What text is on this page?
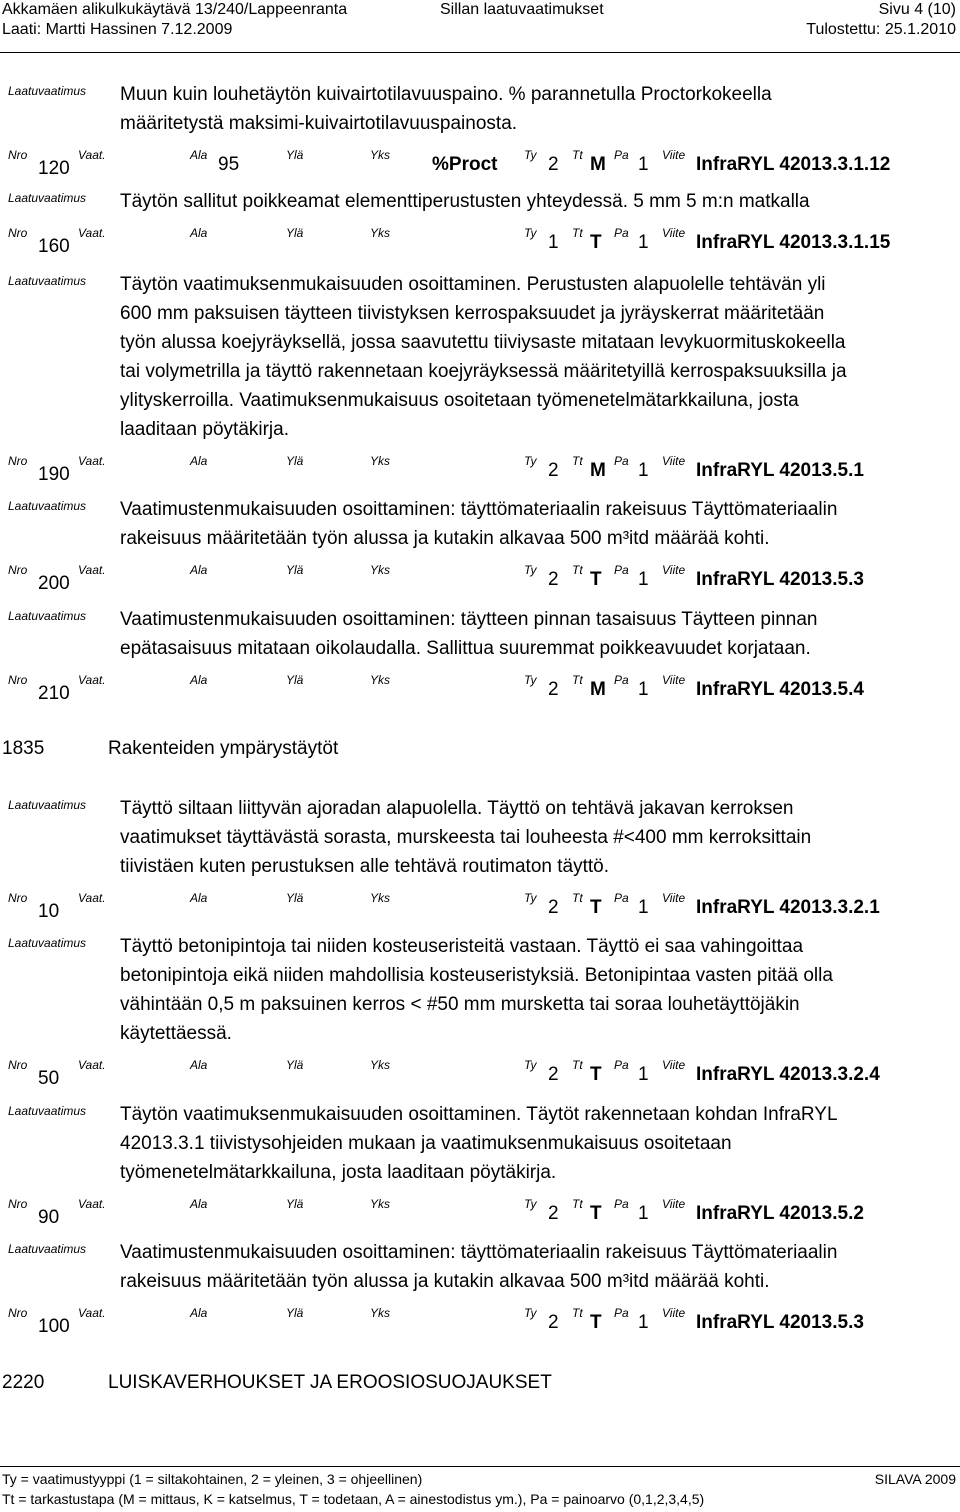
Akkamäen alikulkukäytävä 13/240/Lappeenranta	Sillan laatuvaatimukset	Sivu 4 (10)
Laati: Martti Hassinen 7.12.2009	Tulostettu: 25.1.2010
Laatuvaatimus Muun kuin louhetäytön kuivairtotilavuuspaino. % parannetulla Proctorkokeella
määritetystä maksimi-kuivairtotilavuuspainosta.
Nro
120
Vaat.	Ala 95	Ylä	Yks %Proct Ty 2 Tt M Pa 1 Viite InfraRYL 42013.3.1.12
Laatuvaatimus Täytön sallitut poikkeamat elementtiperustusten yhteydessä. 5 mm 5 m:n matkalla
Nro
160
Vaat.	Ala	Ylä	Yks	Ty 1 Tt T Pa 1 Viite InfraRYL 42013.3.1.15
Laatuvaatimus Täytön vaatimuksenmukaisuuden osoittaminen. Perustusten alapuolelle tehtävän yli
600 mm paksuisen täytteen tiivistyksen kerrospaksuudet ja jyräyskerrat määritetään
työn alussa koejyräyksellä, jossa saavutettu tiiviysaste mitataan levykuormituskokeella
tai volymetrilla ja täyttö rakennetaan koejyräyksessä määritetyillä kerrospaksuuksilla ja
ylityskerroilla. Vaatimuksenmukaisuus osoitetaan työmenetelmätarkkailuna, josta
laaditaan pöytäkirja.
Nro
190
Vaat.	Ala	Ylä	Yks	Ty 2 Tt M Pa 1 Viite InfraRYL 42013.5.1
Laatuvaatimus Vaatimustenmukaisuuden osoittaminen: täyttömateriaalin rakeisuus Täyttömateriaalin
rakeisuus määritetään työn alussa ja kutakin alkavaa 500 m³itd määrää kohti.
Nro
200
Vaat.	Ala	Ylä	Yks	Ty 2 Tt T Pa 1 Viite InfraRYL 42013.5.3
Laatuvaatimus Vaatimustenmukaisuuden osoittaminen: täytteen pinnan tasaisuus Täytteen pinnan
epätasaisuus mitataan oikolaudalla. Sallittua suuremmat poikkeavuudet korjataan.
Nro
210
Vaat.	Ala	Ylä	Yks	Ty 2 Tt M Pa 1 Viite InfraRYL 42013.5.4
Laatuvaatimus Täyttö siltaan liittyvän ajoradan alapuolella. Täyttö on tehtävä jakavan kerroksen
vaatimukset täyttävästä sorasta, murskeesta tai louheesta #<400 mm kerroksittain
tiivistäen kuten perustuksen alle tehtävä routimaton täyttö.
Nro
10
Vaat.	Ala	Ylä	Yks	Ty 2 Tt T Pa 1 Viite InfraRYL 42013.3.2.1
Laatuvaatimus Täyttö betonipintoja tai niiden kosteuseristeitä vastaan. Täyttö ei saa vahingoittaa
betonipintoja eikä niiden mahdollisia kosteuseristyksiä. Betonipintaa vasten pitää olla
vähintään 0,5 m paksuinen kerros < #50 mm mursketta tai soraa louhetäyttöjäkin
käytettäessä.
Nro
50
Vaat.	Ala	Ylä	Yks	Ty 2 Tt T Pa 1 Viite InfraRYL 42013.3.2.4
Laatuvaatimus Täytön vaatimuksenmukaisuuden osoittaminen. Täytöt rakennetaan kohdan InfraRYL
42013.3.1 tiivistysohjeiden mukaan ja vaatimuksenmukaisuus osoitetaan
työmenetelmätarkkailuna, josta laaditaan pöytäkirja.
Nro
90
Vaat.	Ala	Ylä	Yks	Ty 2 Tt T Pa 1 Viite InfraRYL 42013.5.2
Laatuvaatimus Vaatimustenmukaisuuden osoittaminen: täyttömateriaalin rakeisuus Täyttömateriaalin
rakeisuus määritetään työn alussa ja kutakin alkavaa 500 m³itd määrää kohti.
Nro
100
Vaat.	Ala	Ylä	Yks	Ty 2 Tt T Pa 1 Viite InfraRYL 42013.5.3
1835	Rakenteiden ympärystäytöt
2220	LUISKAVERHOUKSET JA EROOSIOSUOJAUKSET
Ty = vaatimustyyppi (1 = siltakohtainen, 2 = yleinen, 3 = ohjeellinen)	SILAVA 2009
Tt = tarkastustapa (M = mittaus, K = katselmus, T = todetaan, A = ainestodistus ym.), Pa = painoarvo (0,1,2,3,4,5)
